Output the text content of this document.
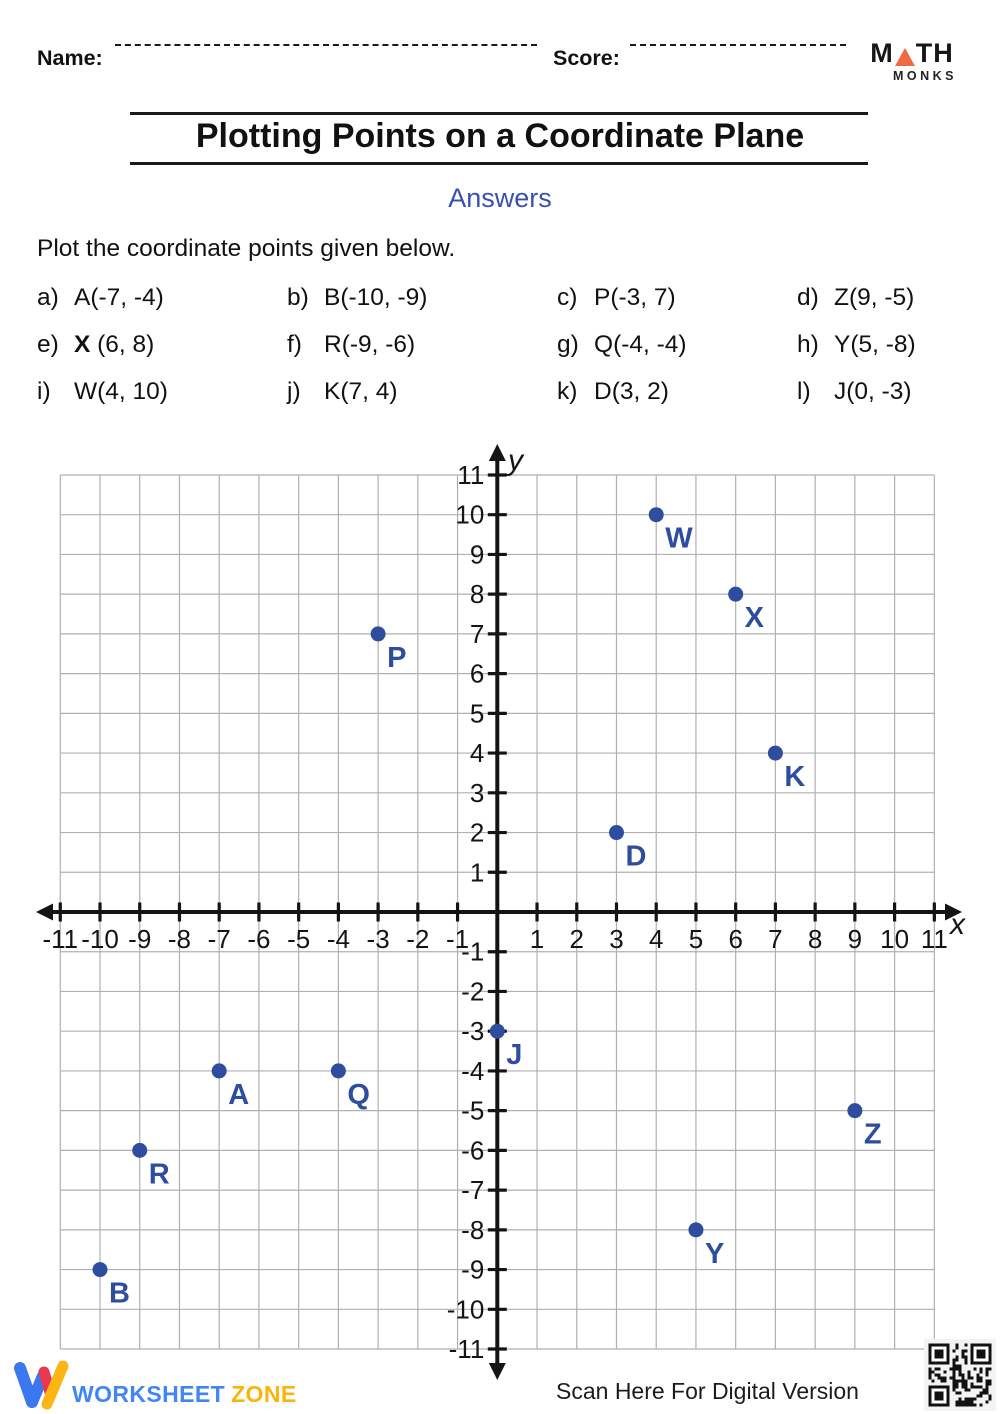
Name:	Score:	M TH
MONKS
Plotting Points on a Coordinate Plane
Answers
Plot the coordinate points given below.
a) A(-7, -4)	b) B(-10, -9)	c) P(-3, 7)	d) Z(9, -5)
e) X (6, 8)	f) R(-9, -6)	g) Q(-4, -4)	h) Y(5, -8)
i) W(4, 10)	j) K(7, 4)	k) D(3, 2)	l) J(0, -3)
-11
-11
-10
-10
-9
-9
-8
-8
-7
-7
-6
-6
-5
-5
-4
-4
-3
-3
-2
-2
-1
-1 1
1
2
2
3
3
4
4
5
5
6
6
7
7
8
8
9
9
10
10
11
11
x
y
A
B
P
Z
X
R
Q
Y
W
K
D
J
WORKSHEET ZONE	Scan Here For Digital Version
